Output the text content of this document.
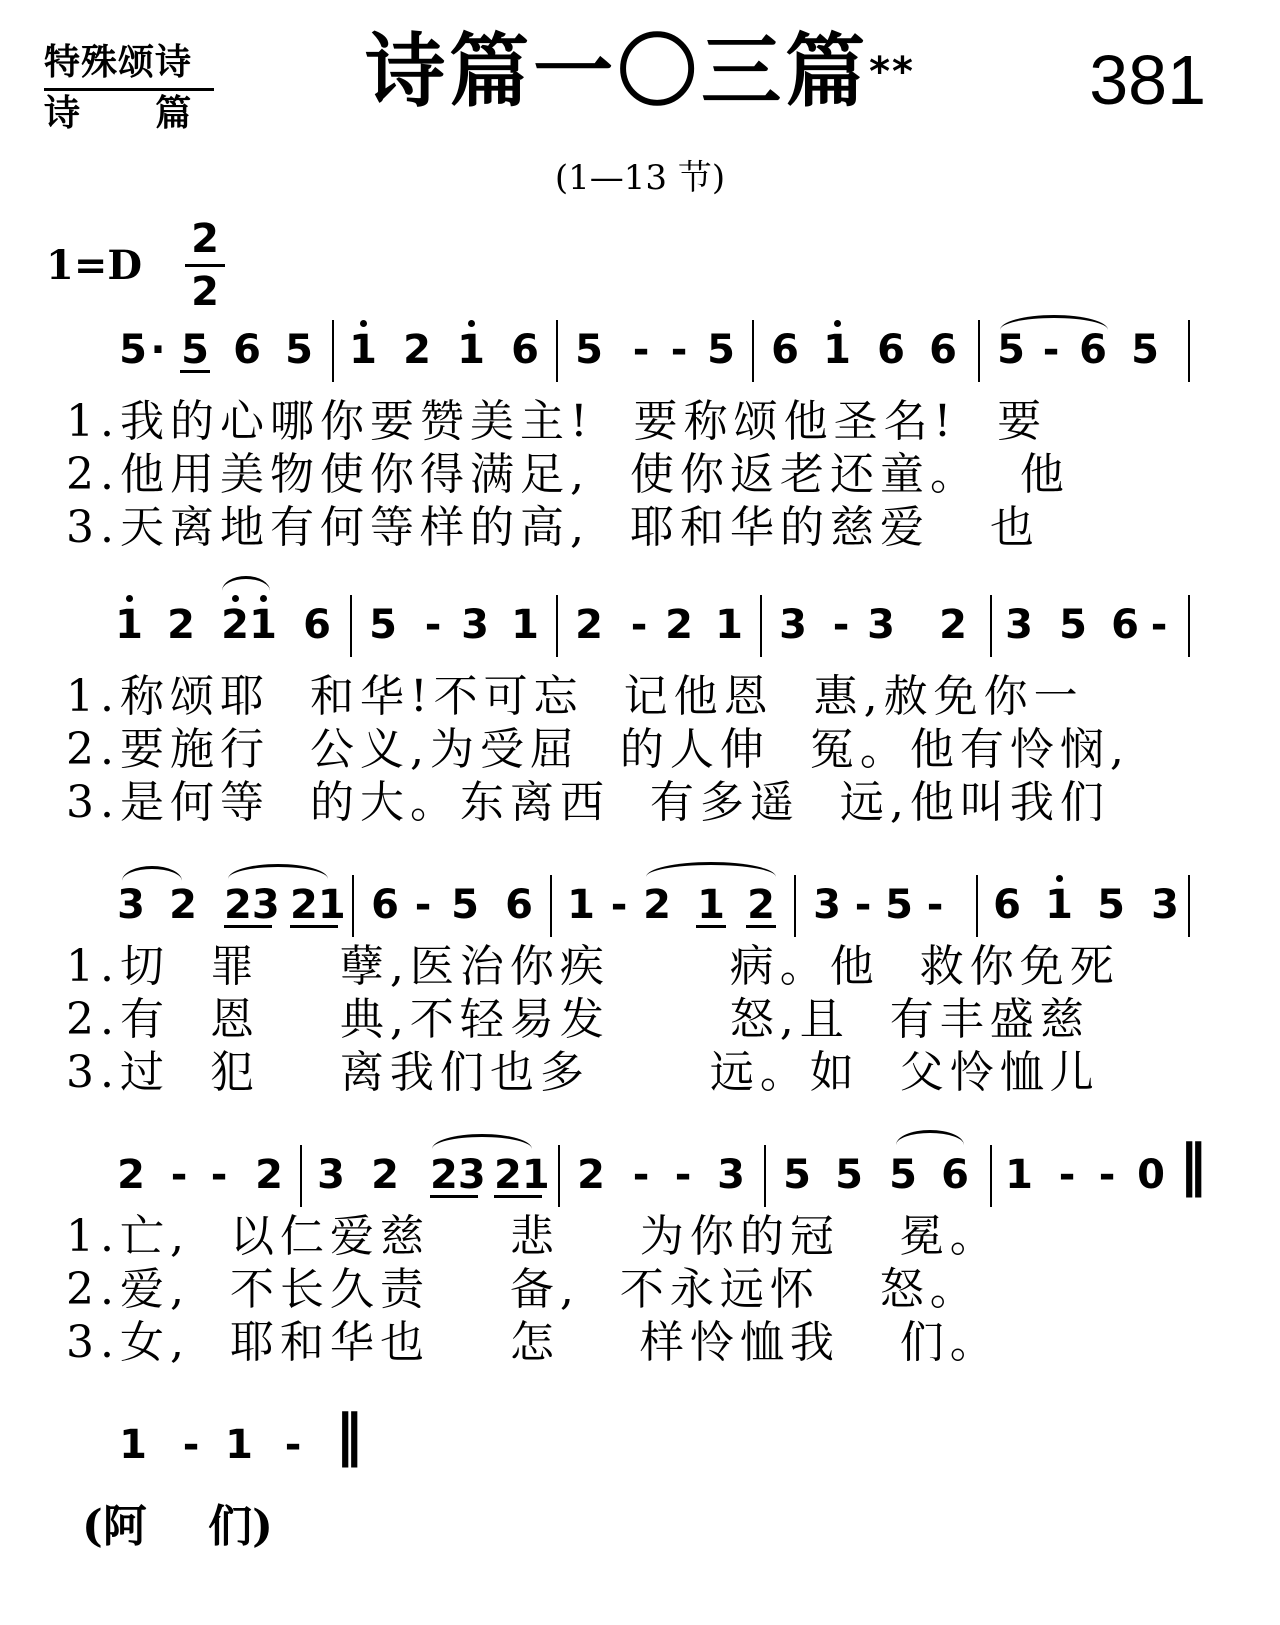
特殊颂诗
诗      篇	诗篇一〇三篇**	381
(1—13 节)
1=D
2
2
5 · 5 6 5 1 2 1 6 5 - - 5 6 1 6 6 5 - 6 5
1.我的心哪你要赞美主!  要称颂他圣名!  要
2.他用美物使你得满足,  使你返老还童。  他
3.天离地有何等样的高,  耶和华的慈爱   也
1 2 2 1 6 5 - 3 1 2 - 2 1 3 - 3 2 3 5 6 -
1.称颂耶  和华!不可忘  记他恩  惠,赦免你一
2.要施行  公义,为受屈  的人伸  冤。他有怜悯,
3.是何等  的大。东离西  有多遥  远,他叫我们
3 2 23 21 6 - 5 6 1 - 2 1 2 3 - 5 - 6 1 5 3
1.切  罪    孽,医治你疾      病。他  救你免死
2.有  恩    典,不轻易发      怒,且  有丰盛慈
3.过  犯    离我们也多      远。如  父怜恤儿
2 - - 2 3 2 23 21 2 - - 3 5 5 5 6 1 - - 0 ‖
1.亡,  以仁爱慈    悲    为你的冠   冕。
2.爱,  不长久责    备,  不永远怀   怒。
3.女,  耶和华也    怎    样怜恤我   们。
1 - 1 - ‖
(阿    们)
